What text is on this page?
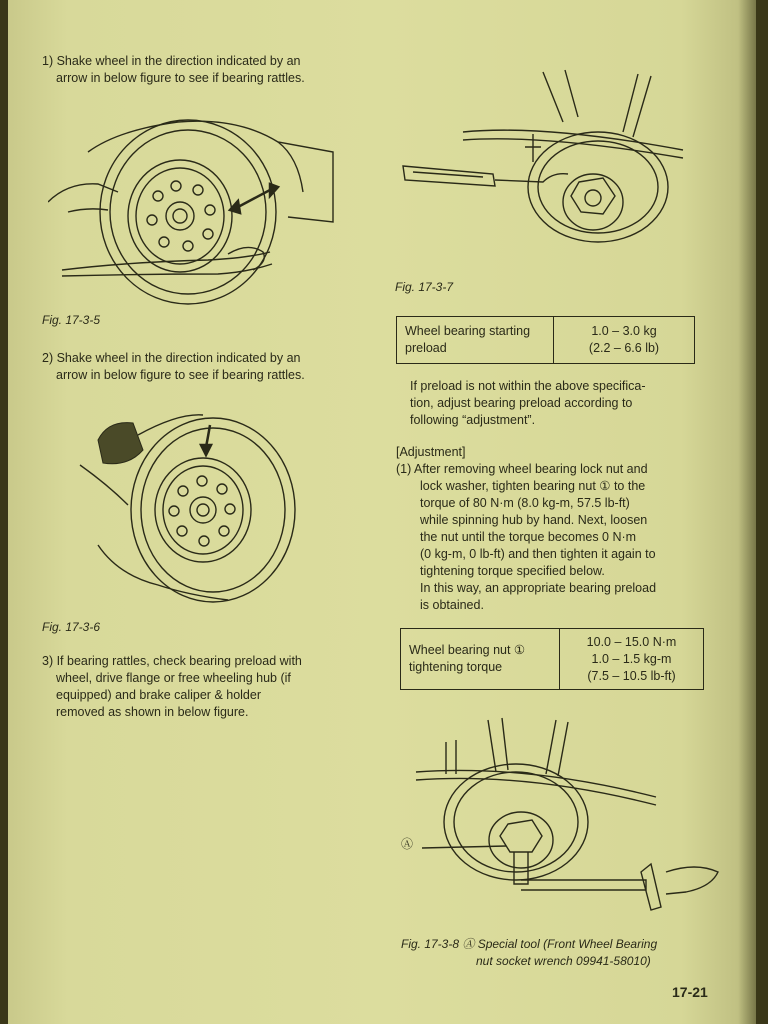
1) Shake wheel in the direction indicated by an
arrow in below figure to see if bearing rattles.
Fig. 17-3-5
2) Shake wheel in the direction indicated by an
arrow in below figure to see if bearing rattles.
Fig. 17-3-6
3) If bearing rattles, check bearing preload with
wheel, drive flange or free wheeling hub (if
equipped) and brake caliper & holder
removed as shown in below figure.
Fig. 17-3-7
Wheel bearing starting
preload
1.0 – 3.0 kg
(2.2 – 6.6 lb)
If preload is not within the above specifica-
tion, adjust bearing preload according to
following “adjustment”.
[Adjustment]
(1) After removing wheel bearing lock nut and
lock washer, tighten bearing nut ① to the
torque of 80 N·m (8.0 kg-m, 57.5 lb-ft)
while spinning hub by hand. Next, loosen
the nut until the torque becomes 0 N·m
(0 kg-m, 0 lb-ft) and then tighten it again to
tightening torque specified below.
In this way, an appropriate bearing preload
is obtained.
Wheel bearing nut ①
tightening torque
10.0 – 15.0 N·m
1.0 – 1.5 kg-m
(7.5 – 10.5 lb-ft)
Ⓐ
Fig. 17-3-8 Ⓐ Special tool (Front Wheel Bearing
nut socket wrench 09941-58010)
17-21
